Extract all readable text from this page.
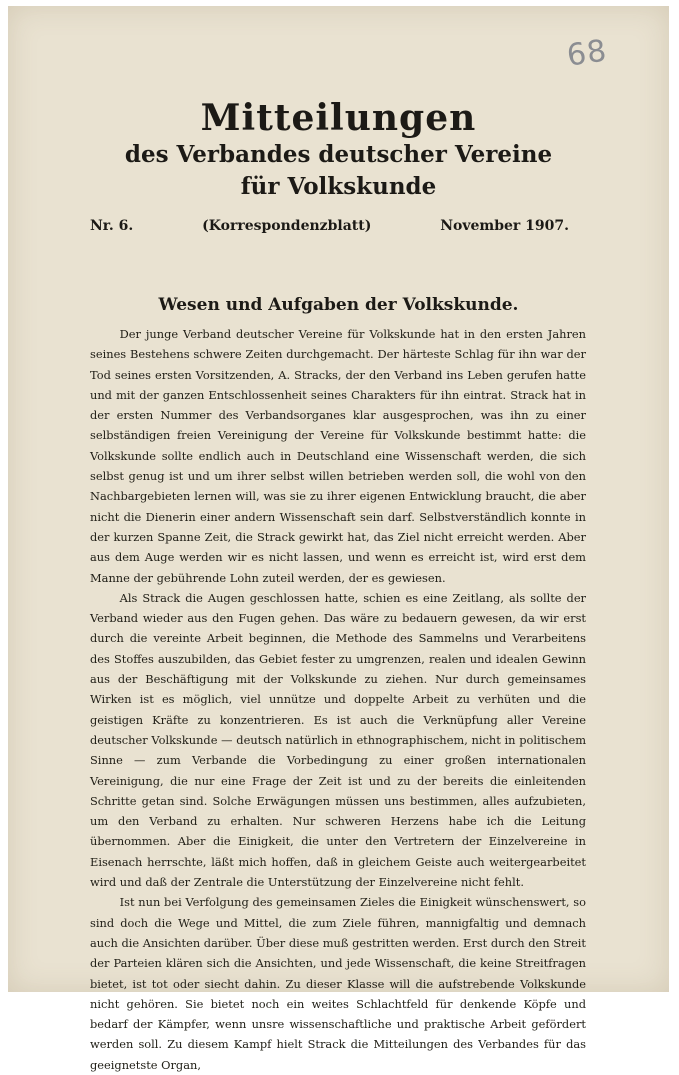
68
Mitteilungen
des Verbandes deutscher Vereine
für Volkskunde
Nr. 6.	(Korrespondenzblatt)	November 1907.
Wesen und Aufgaben der Volkskunde.

Der junge Verband deutscher Vereine für Volkskunde hat in den ersten Jahren seines Bestehens schwere Zeiten durchgemacht. Der härteste Schlag für ihn war der Tod seines ersten Vorsitzenden, A. Stracks, der den Verband ins Leben gerufen hatte und mit der ganzen Entschlossenheit seines Charakters für ihn eintrat. Strack hat in der ersten Nummer des Verbandsorganes klar ausgesprochen, was ihn zu einer selbständigen freien Vereinigung der Vereine für Volkskunde bestimmt hatte: die Volkskunde sollte endlich auch in Deutschland eine Wissenschaft werden, die sich selbst genug ist und um ihrer selbst willen betrieben werden soll, die wohl von den Nachbargebieten lernen will, was sie zu ihrer eigenen Entwicklung braucht, die aber nicht die Dienerin einer andern Wissenschaft sein darf. Selbstverständlich konnte in der kurzen Spanne Zeit, die Strack gewirkt hat, das Ziel nicht erreicht werden. Aber aus dem Auge werden wir es nicht lassen, und wenn es erreicht ist, wird erst dem Manne der gebührende Lohn zuteil werden, der es gewiesen.

Als Strack die Augen geschlossen hatte, schien es eine Zeitlang, als sollte der Verband wieder aus den Fugen gehen. Das wäre zu bedauern gewesen, da wir erst durch die vereinte Arbeit beginnen, die Methode des Sammelns und Verarbeitens des Stoffes auszubilden, das Gebiet fester zu umgrenzen, realen und idealen Gewinn aus der Beschäftigung mit der Volkskunde zu ziehen. Nur durch gemeinsames Wirken ist es möglich, viel unnütze und doppelte Arbeit zu verhüten und die geistigen Kräfte zu konzentrieren. Es ist auch die Verknüpfung aller Vereine deutscher Volkskunde — deutsch natürlich in ethnographischem, nicht in politischem Sinne — zum Verbande die Vorbedingung zu einer großen internationalen Vereinigung, die nur eine Frage der Zeit ist und zu der bereits die einleitenden Schritte getan sind. Solche Erwägungen müssen uns bestimmen, alles aufzubieten, um den Verband zu erhalten. Nur schweren Herzens habe ich die Leitung übernommen. Aber die Einigkeit, die unter den Vertretern der Einzelvereine in Eisenach herrschte, läßt mich hoffen, daß in gleichem Geiste auch weitergearbeitet wird und daß der Zentrale die Unterstützung der Einzelvereine nicht fehlt.

Ist nun bei Verfolgung des gemeinsamen Zieles die Einigkeit wünschenswert, so sind doch die Wege und Mittel, die zum Ziele führen, mannigfaltig und demnach auch die Ansichten darüber. Über diese muß gestritten werden. Erst durch den Streit der Parteien klären sich die Ansichten, und jede Wissenschaft, die keine Streitfragen bietet, ist tot oder siecht dahin. Zu dieser Klasse will die aufstrebende Volkskunde nicht gehören. Sie bietet noch ein weites Schlachtfeld für denkende Köpfe und bedarf der Kämpfer, wenn unsre wissenschaftliche und praktische Arbeit gefördert werden soll. Zu diesem Kampf hielt Strack die Mitteilungen des Verbandes für das geeignetste Organ,
